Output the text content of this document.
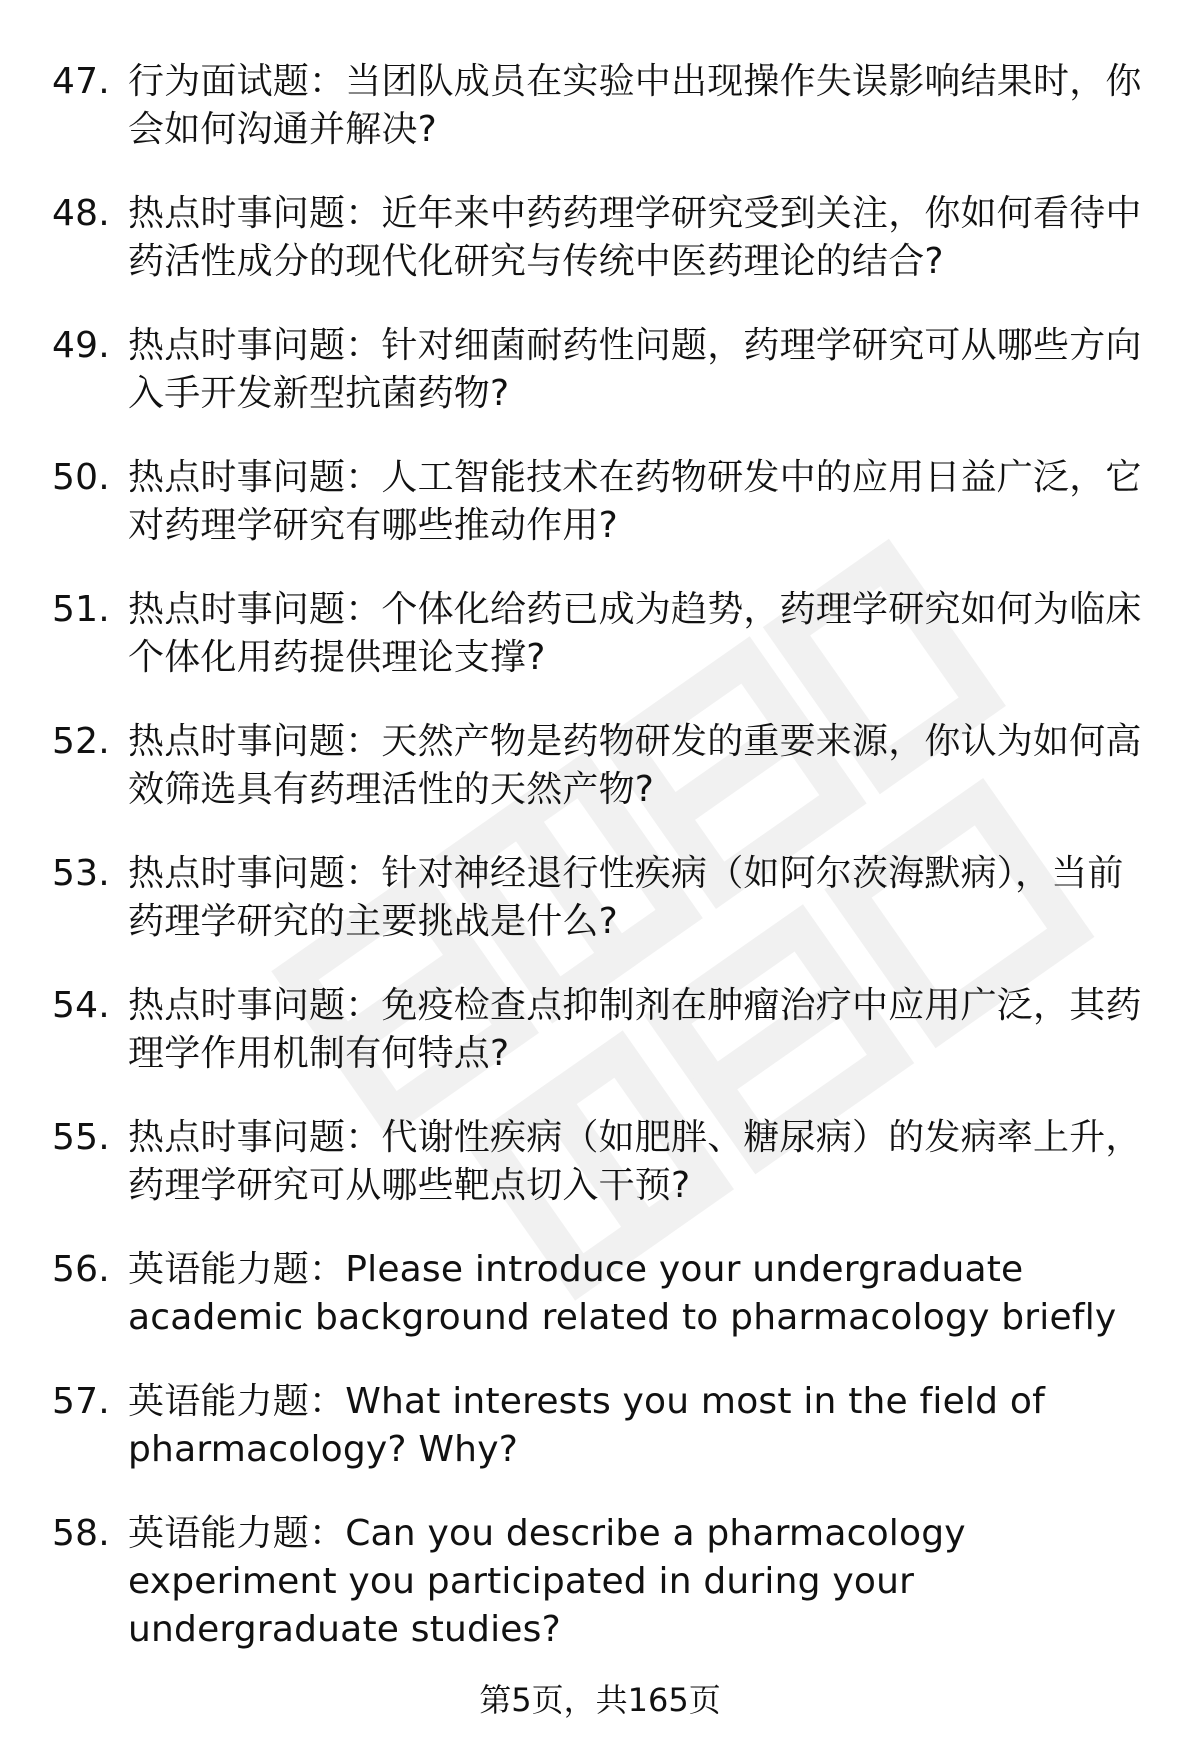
47. 行为面试题：当团队成员在实验中出现操作失误影响结果时，你会如何沟通并解决?
48. 热点时事问题：近年来中药药理学研究受到关注，你如何看待中药活性成分的现代化研究与传统中医药理论的结合?
49. 热点时事问题：针对细菌耐药性问题，药理学研究可从哪些方向入手开发新型抗菌药物?
50. 热点时事问题：人工智能技术在药物研发中的应用日益广泛，它对药理学研究有哪些推动作用?
51. 热点时事问题：个体化给药已成为趋势，药理学研究如何为临床个体化用药提供理论支撑?
52. 热点时事问题：天然产物是药物研发的重要来源，你认为如何高效筛选具有药理活性的天然产物?
53. 热点时事问题：针对神经退行性疾病（如阿尔茨海默病），当前药理学研究的主要挑战是什么?
54. 热点时事问题：免疫检查点抑制剂在肿瘤治疗中应用广泛，其药理学作用机制有何特点?
55. 热点时事问题：代谢性疾病（如肥胖、糖尿病）的发病率上升，药理学研究可从哪些靶点切入干预?
56. 英语能力题：Please introduce your undergraduate academic background related to pharmacology briefly
57. 英语能力题：What interests you most in the field of pharmacology? Why?
58. 英语能力题：Can you describe a pharmacology experiment you participated in during your undergraduate studies?
第5页，共165页
